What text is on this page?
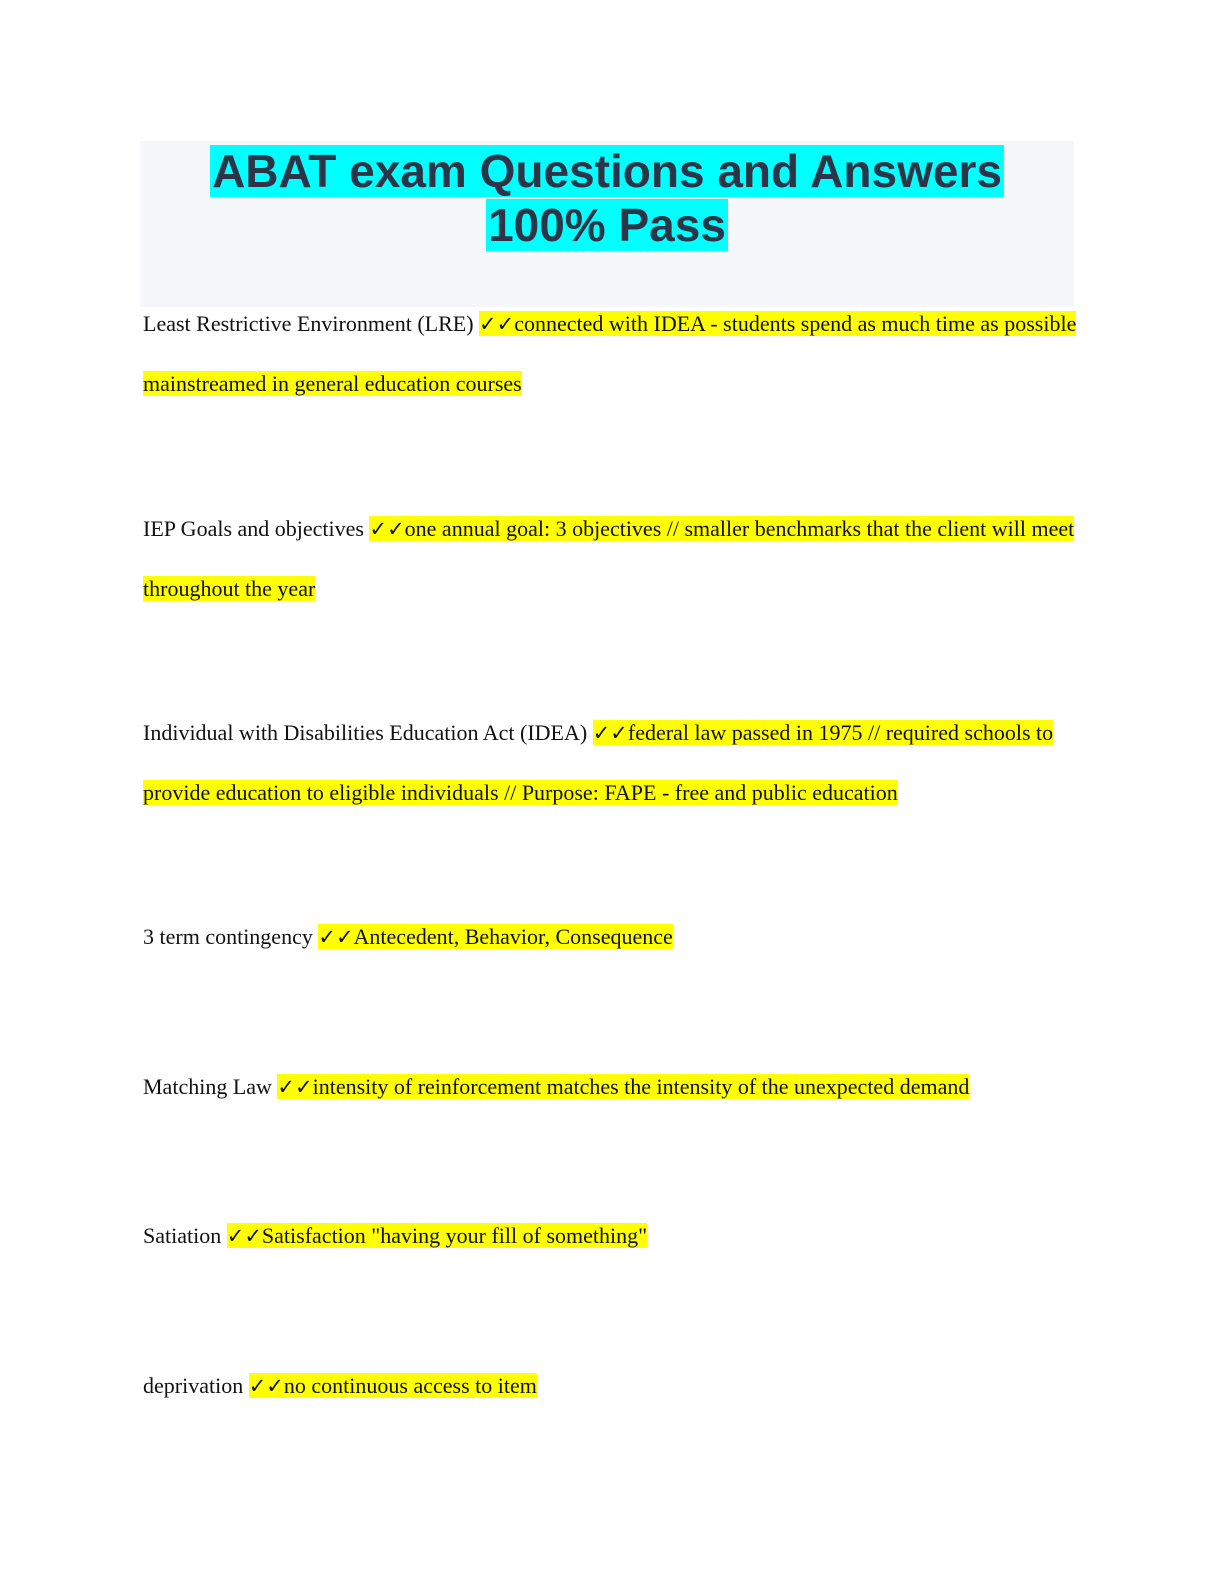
ABAT exam Questions and Answers
100% Pass
Least Restrictive Environment (LRE) ✓✓connected with IDEA - students spend as much time as possible mainstreamed in general education courses
IEP Goals and objectives ✓✓one annual goal: 3 objectives // smaller benchmarks that the client will meet throughout the year
Individual with Disabilities Education Act (IDEA) ✓✓federal law passed in 1975 // required schools to provide education to eligible individuals // Purpose: FAPE - free and public education
3 term contingency ✓✓Antecedent, Behavior, Consequence
Matching Law ✓✓intensity of reinforcement matches the intensity of the unexpected demand
Satiation ✓✓Satisfaction "having your fill of something"
deprivation ✓✓no continuous access to item
